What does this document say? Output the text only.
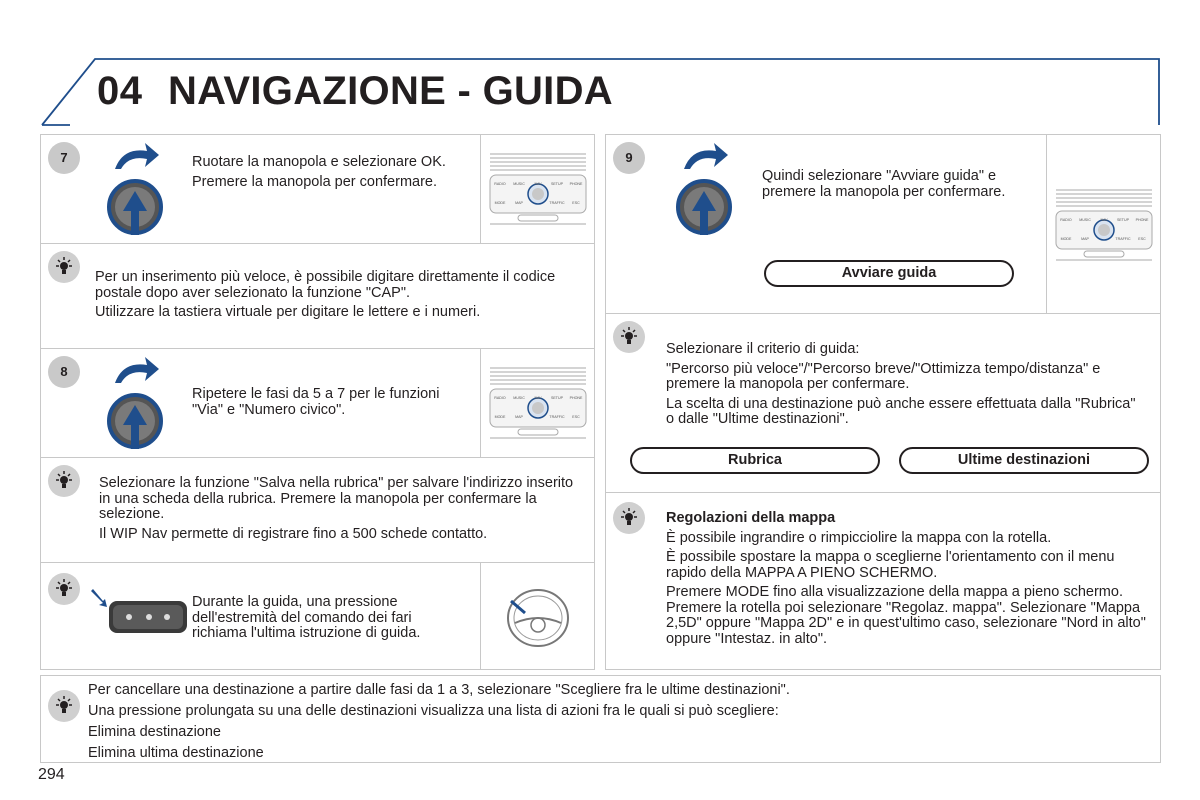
04 NAVIGAZIONE - GUIDA
7	Ruotare la manopola e selezionare OK.

Premere la manopola per confermare.	RADIO MUSIC	NAV	SETUP PHONE
MODE	MAP	TRAFFIC ESC

Per un inserimento più veloce, è possibile digitare direttamente il codice postale dopo aver selezionato la funzione "CAP".

Utilizzare la tastiera virtuale per digitare le lettere e i numeri.

8

Ripetere le fasi da 5 a 7 per le funzioni "Via" e "Numero civico".

RADIO MUSIC	NAV	SETUP PHONE
MODE	MAP	TRAFFIC ESC

Selezionare la funzione "Salva nella rubrica" per salvare l'indirizzo inserito in una scheda della rubrica. Premere la manopola per confermare la selezione.

Il WIP Nav permette di registrare fino a 500 schede contatto.

Durante la guida, una pressione dell'estremità del comando dei fari richiama l'ultima istruzione di guida.

9

Quindi selezionare "Avviare guida" e premere la manopola per confermare.

Avviare guida
RADIO MUSIC	NAV	SETUP PHONE
MODE	MAP	TRAFFIC ESC

Selezionare il criterio di guida:

"Percorso più veloce"/"Percorso breve/"Ottimizza tempo/distanza" e premere la manopola per confermare.

La scelta di una destinazione può anche essere effettuata dalla "Rubrica" o dalle "Ultime destinazioni".

Rubrica	Ultime destinazioni

Regolazioni della mappa

È possibile ingrandire o rimpicciolire la mappa con la rotella.

È possibile spostare la mappa o sceglierne l'orientamento con il menu rapido della MAPPA A PIENO SCHERMO.

Premere MODE fino alla visualizzazione della mappa a pieno schermo. Premere la rotella poi selezionare "Regolaz. mappa". Selezionare "Mappa 2,5D" oppure "Mappa 2D" e in quest'ultimo caso, selezionare "Nord in alto" oppure "Intestaz. in alto".

Per cancellare una destinazione a partire dalle fasi da 1 a 3, selezionare "Scegliere fra le ultime destinazioni".

Una pressione prolungata su una delle destinazioni visualizza una lista di azioni fra le quali si può scegliere:

Elimina destinazione

Elimina ultima destinazione

294
